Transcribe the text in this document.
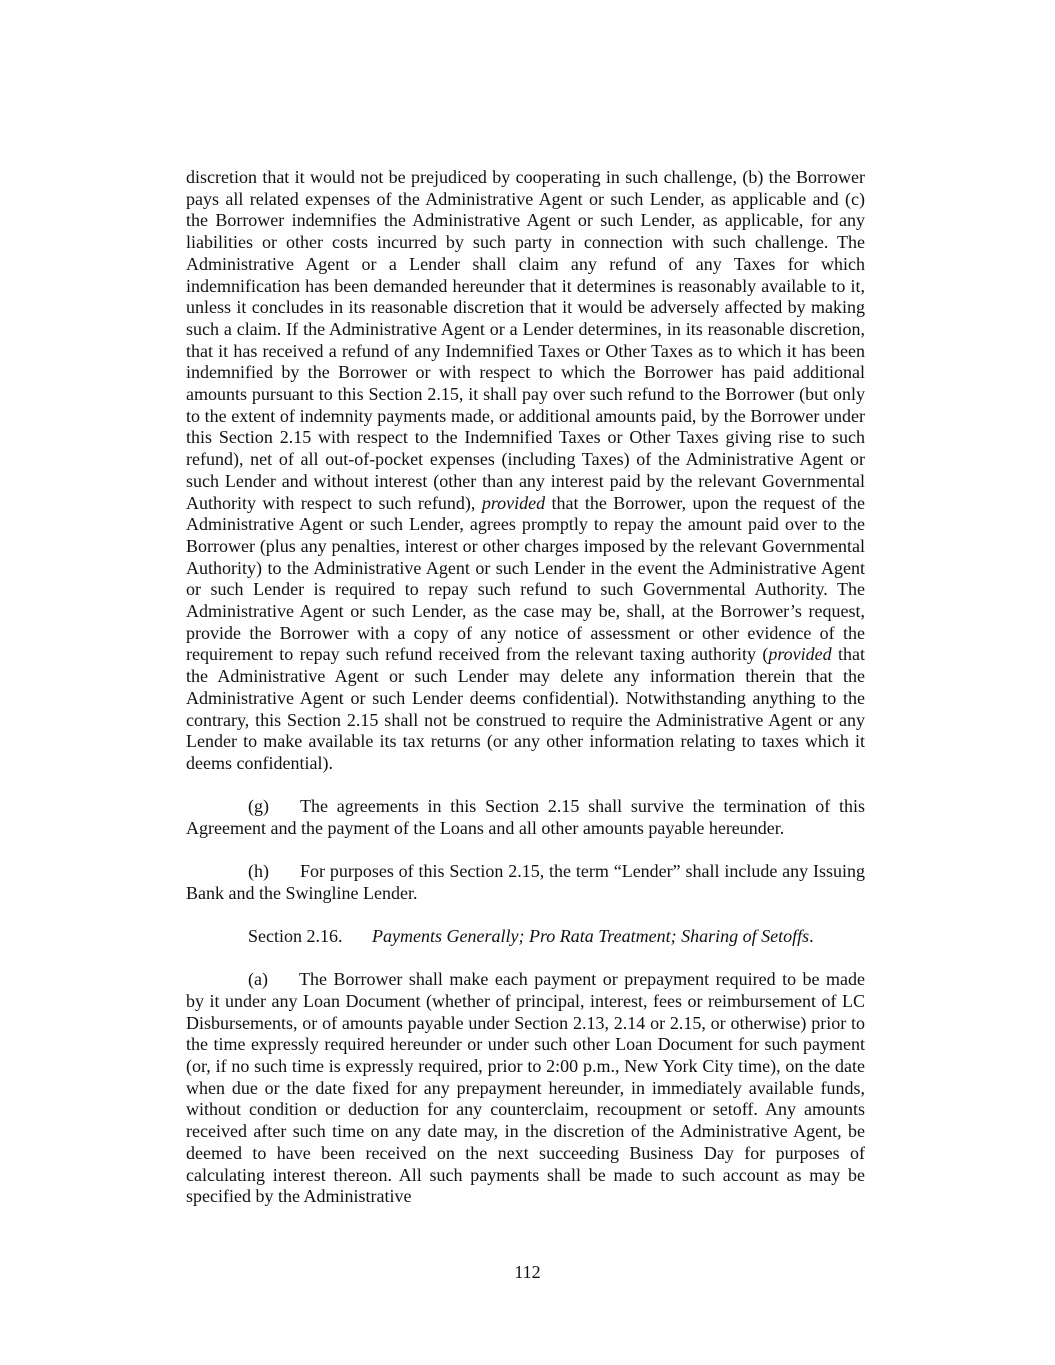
discretion that it would not be prejudiced by cooperating in such challenge, (b) the Borrower pays all related expenses of the Administrative Agent or such Lender, as applicable and (c) the Borrower indemnifies the Administrative Agent or such Lender, as applicable, for any liabilities or other costs incurred by such party in connection with such challenge. The Administrative Agent or a Lender shall claim any refund of any Taxes for which indemnification has been demanded hereunder that it determines is reasonably available to it, unless it concludes in its reasonable discretion that it would be adversely affected by making such a claim. If the Administrative Agent or a Lender determines, in its reasonable discretion, that it has received a refund of any Indemnified Taxes or Other Taxes as to which it has been indemnified by the Borrower or with respect to which the Borrower has paid additional amounts pursuant to this Section 2.15, it shall pay over such refund to the Borrower (but only to the extent of indemnity payments made, or additional amounts paid, by the Borrower under this Section 2.15 with respect to the Indemnified Taxes or Other Taxes giving rise to such refund), net of all out-of-pocket expenses (including Taxes) of the Administrative Agent or such Lender and without interest (other than any interest paid by the relevant Governmental Authority with respect to such refund), provided that the Borrower, upon the request of the Administrative Agent or such Lender, agrees promptly to repay the amount paid over to the Borrower (plus any penalties, interest or other charges imposed by the relevant Governmental Authority) to the Administrative Agent or such Lender in the event the Administrative Agent or such Lender is required to repay such refund to such Governmental Authority. The Administrative Agent or such Lender, as the case may be, shall, at the Borrower’s request, provide the Borrower with a copy of any notice of assessment or other evidence of the requirement to repay such refund received from the relevant taxing authority (provided that the Administrative Agent or such Lender may delete any information therein that the Administrative Agent or such Lender deems confidential). Notwithstanding anything to the contrary, this Section 2.15 shall not be construed to require the Administrative Agent or any Lender to make available its tax returns (or any other information relating to taxes which it deems confidential).

(g) The agreements in this Section 2.15 shall survive the termination of this Agreement and the payment of the Loans and all other amounts payable hereunder.

(h) For purposes of this Section 2.15, the term “Lender” shall include any Issuing Bank and the Swingline Lender.

Section 2.16. Payments Generally; Pro Rata Treatment; Sharing of Setoffs.

(a) The Borrower shall make each payment or prepayment required to be made by it under any Loan Document (whether of principal, interest, fees or reimbursement of LC Disbursements, or of amounts payable under Section 2.13, 2.14 or 2.15, or otherwise) prior to the time expressly required hereunder or under such other Loan Document for such payment (or, if no such time is expressly required, prior to 2:00 p.m., New York City time), on the date when due or the date fixed for any prepayment hereunder, in immediately available funds, without condition or deduction for any counterclaim, recoupment or setoff. Any amounts received after such time on any date may, in the discretion of the Administrative Agent, be deemed to have been received on the next succeeding Business Day for purposes of calculating interest thereon. All such payments shall be made to such account as may be specified by the Administrative

112
